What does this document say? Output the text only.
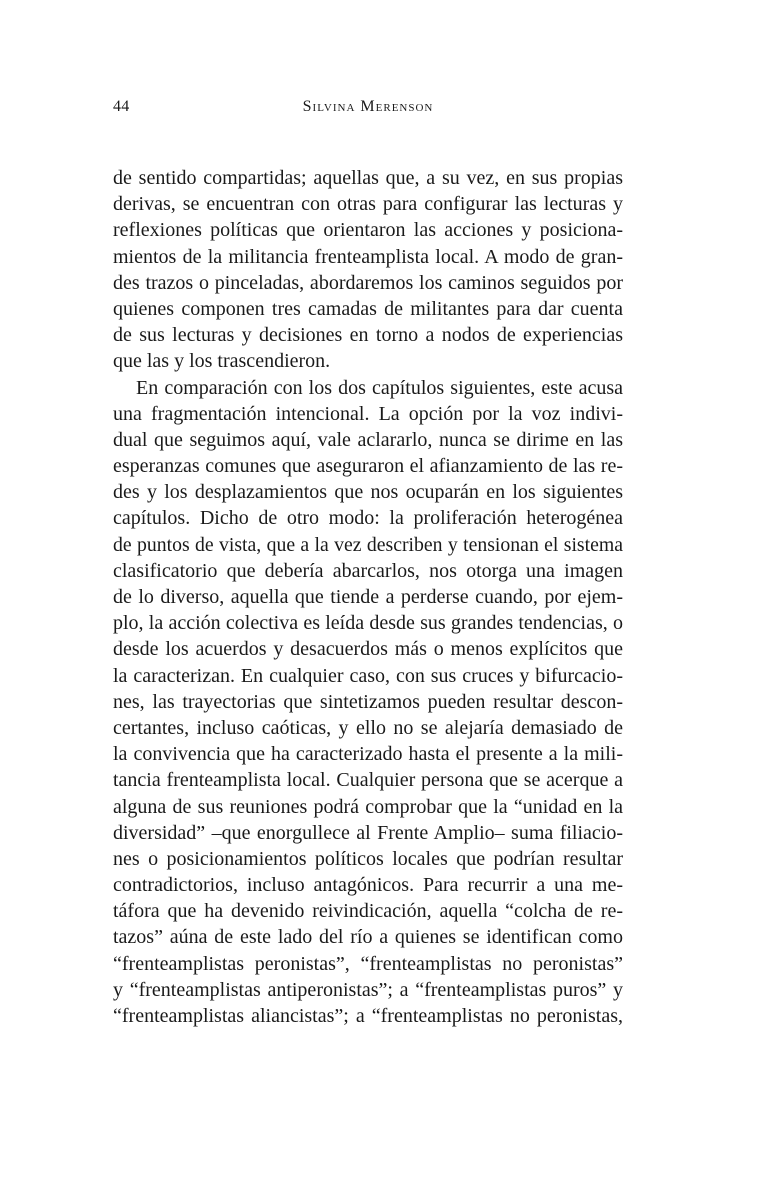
44	Silvina Merenson
de sentido compartidas; aquellas que, a su vez, en sus propias
derivas, se encuentran con otras para configurar las lecturas y
reflexiones políticas que orientaron las acciones y posiciona-
mientos de la militancia frenteamplista local. A modo de gran-
des trazos o pinceladas, abordaremos los caminos seguidos por
quienes componen tres camadas de militantes para dar cuenta
de sus lecturas y decisiones en torno a nodos de experiencias
que las y los trascendieron.
En comparación con los dos capítulos siguientes, este acusa
una fragmentación intencional. La opción por la voz indivi-
dual que seguimos aquí, vale aclararlo, nunca se dirime en las
esperanzas comunes que aseguraron el afianzamiento de las re-
des y los desplazamientos que nos ocuparán en los siguientes
capítulos. Dicho de otro modo: la proliferación heterogénea
de puntos de vista, que a la vez describen y tensionan el sistema
clasificatorio que debería abarcarlos, nos otorga una imagen
de lo diverso, aquella que tiende a perderse cuando, por ejem-
plo, la acción colectiva es leída desde sus grandes tendencias, o
desde los acuerdos y desacuerdos más o menos explícitos que
la caracterizan. En cualquier caso, con sus cruces y bifurcacio-
nes, las trayectorias que sintetizamos pueden resultar descon-
certantes, incluso caóticas, y ello no se alejaría demasiado de
la convivencia que ha caracterizado hasta el presente a la mili-
tancia frenteamplista local. Cualquier persona que se acerque a
alguna de sus reuniones podrá comprobar que la “unidad en la
diversidad” –que enorgullece al Frente Amplio– suma filiacio-
nes o posicionamientos políticos locales que podrían resultar
contradictorios, incluso antagónicos. Para recurrir a una me-
táfora que ha devenido reivindicación, aquella “colcha de re-
tazos” aúna de este lado del río a quienes se identifican como
“frenteamplistas peronistas”, “frenteamplistas no peronistas”
y “frenteamplistas antiperonistas”; a “frenteamplistas puros” y
“frenteamplistas aliancistas”; a “frenteamplistas no peronistas,
